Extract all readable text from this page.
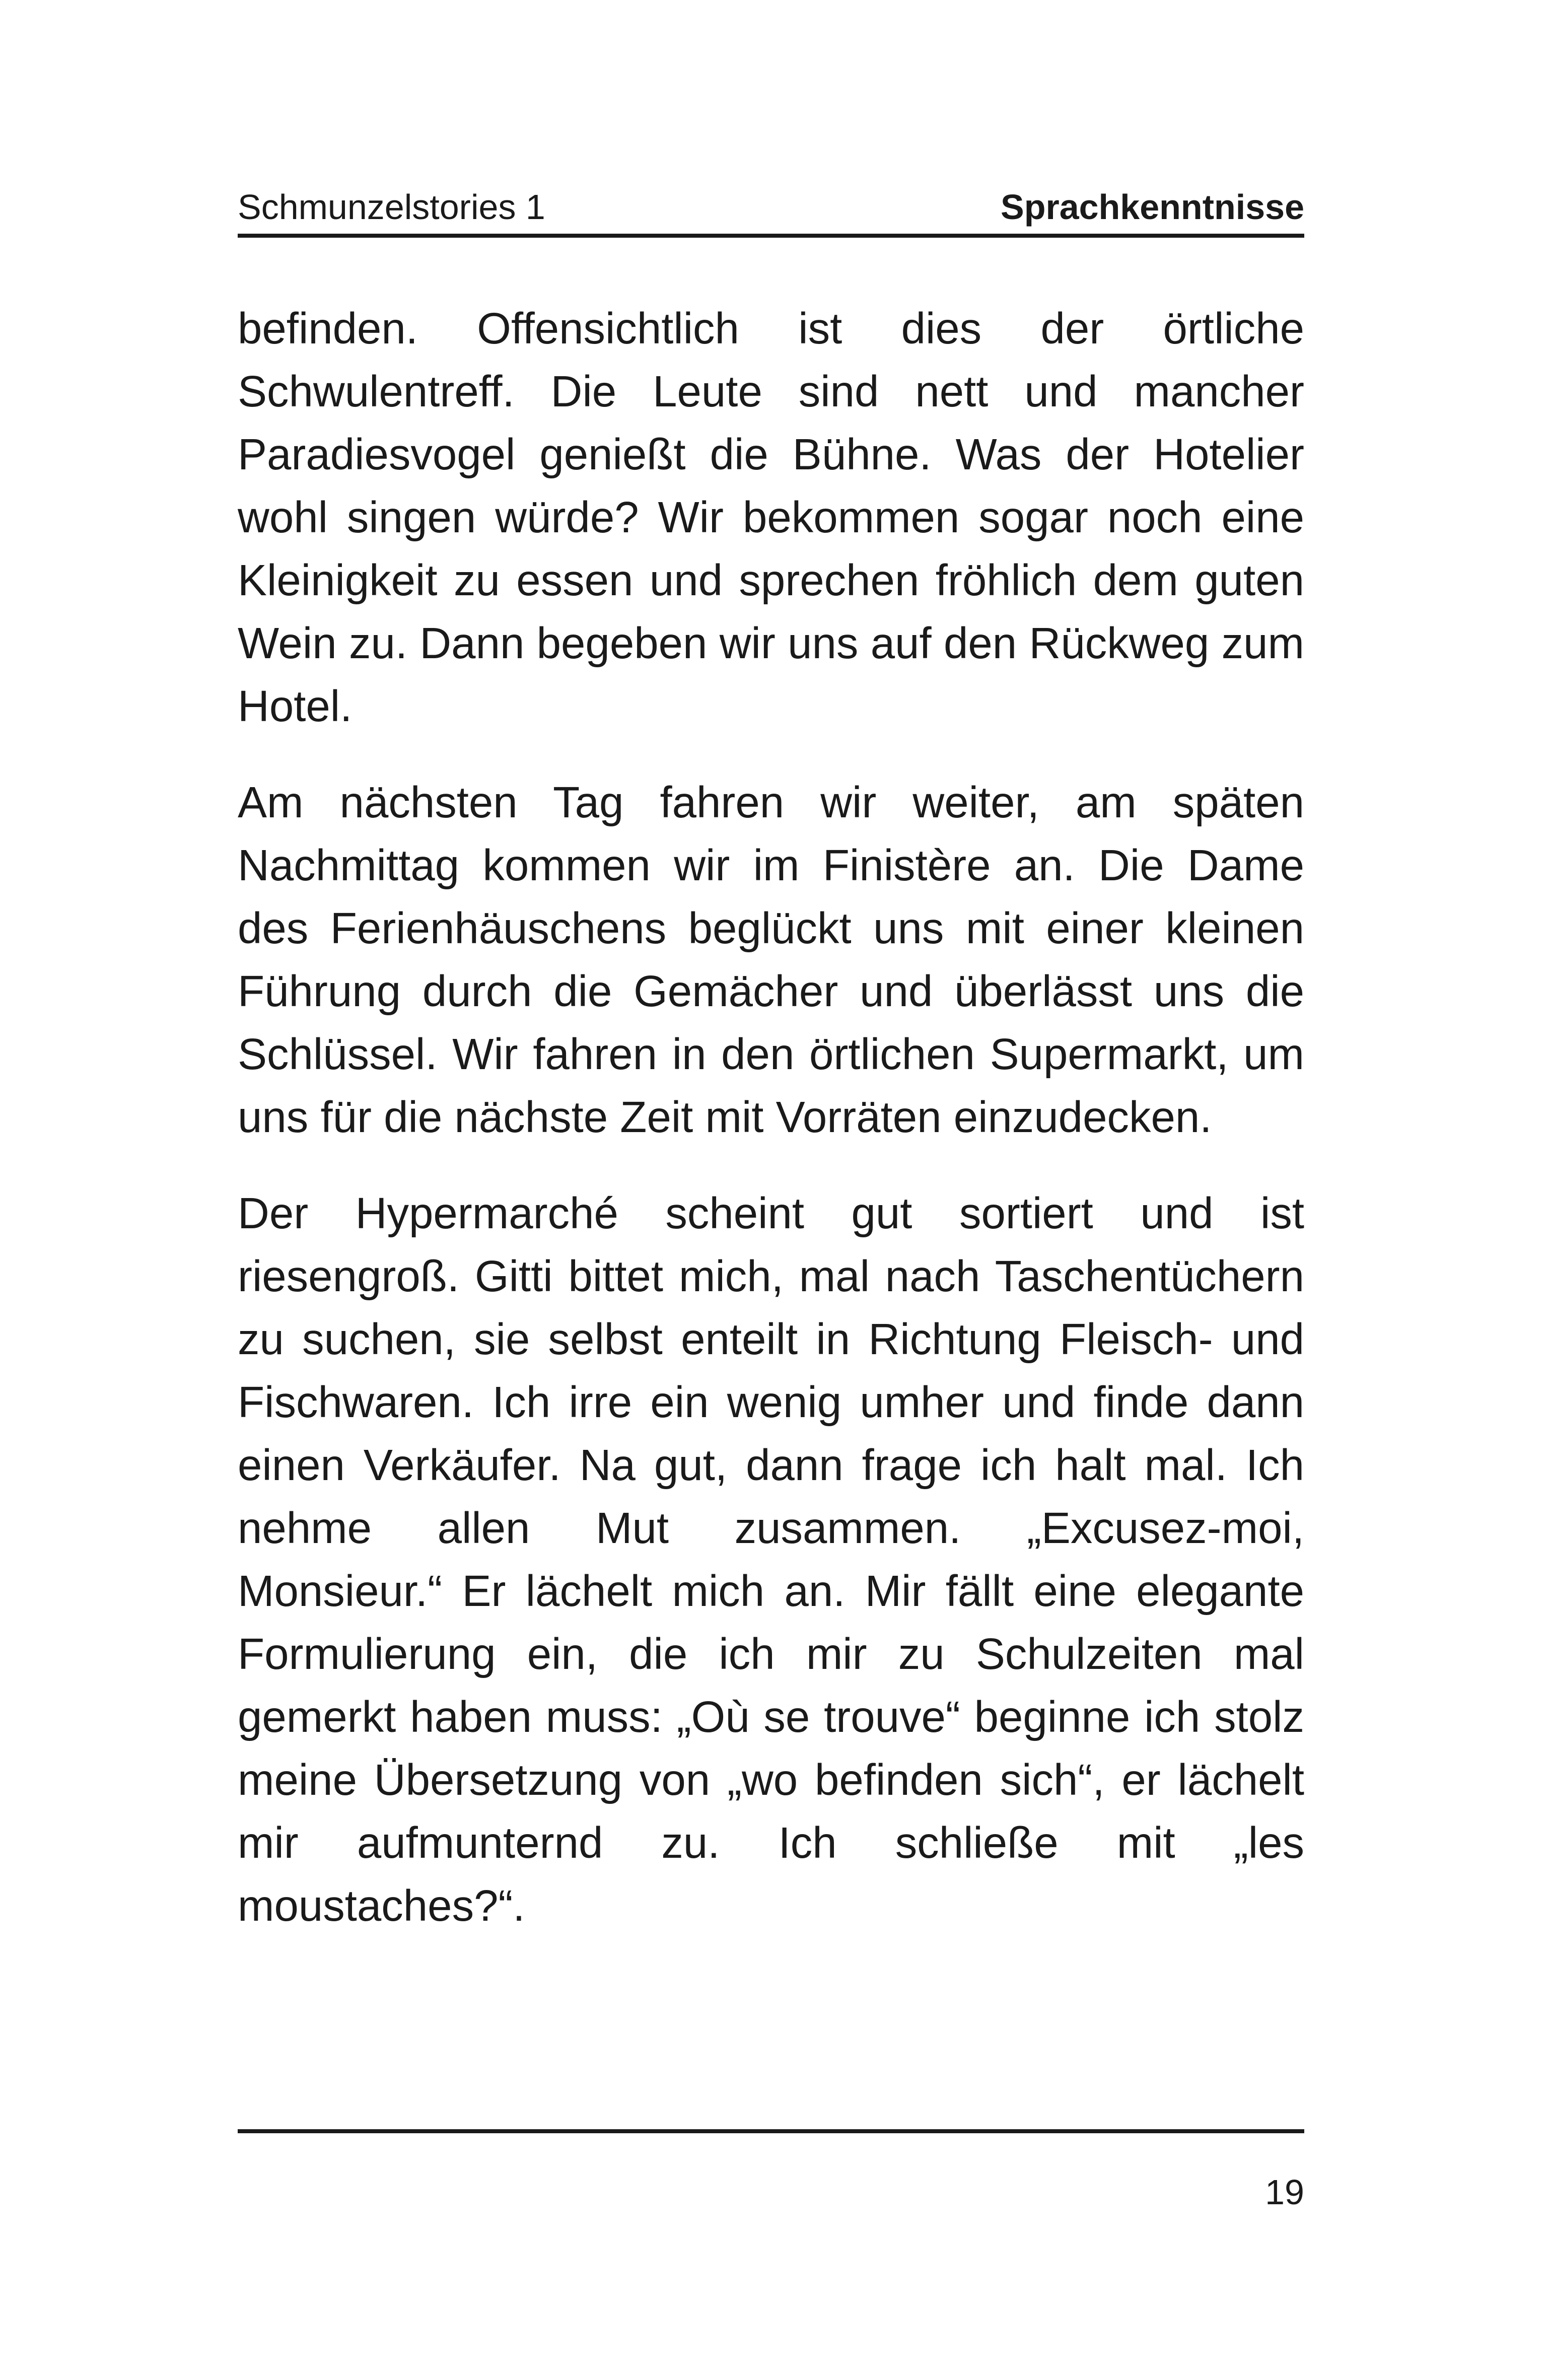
Schmunzelstories 1	Sprachkenntnisse

befinden. Offensichtlich ist dies der örtliche Schwulentreff. Die Leute sind nett und mancher Paradiesvogel genießt die Bühne. Was der Hotelier wohl singen würde? Wir bekommen sogar noch eine Kleinigkeit zu essen und sprechen fröhlich dem guten Wein zu. Dann begeben wir uns auf den Rückweg zum Hotel.

Am nächsten Tag fahren wir weiter, am späten Nachmittag kommen wir im Finistère an. Die Dame des Ferienhäuschens beglückt uns mit einer kleinen Führung durch die Gemächer und überlässt uns die Schlüssel. Wir fahren in den örtlichen Supermarkt, um uns für die nächste Zeit mit Vorräten einzudecken.

Der Hypermarché scheint gut sortiert und ist riesengroß. Gitti bittet mich, mal nach Taschentüchern zu suchen, sie selbst enteilt in Richtung Fleisch- und Fischwaren. Ich irre ein wenig umher und finde dann einen Verkäufer. Na gut, dann frage ich halt mal. Ich nehme allen Mut zusammen. „Excusez-moi, Monsieur.“ Er lächelt mich an. Mir fällt eine elegante Formulierung ein, die ich mir zu Schulzeiten mal gemerkt haben muss: „Où se trouve“ beginne ich stolz meine Übersetzung von „wo befinden sich“, er lächelt mir aufmunternd zu. Ich schließe mit „les moustaches?“.

19
